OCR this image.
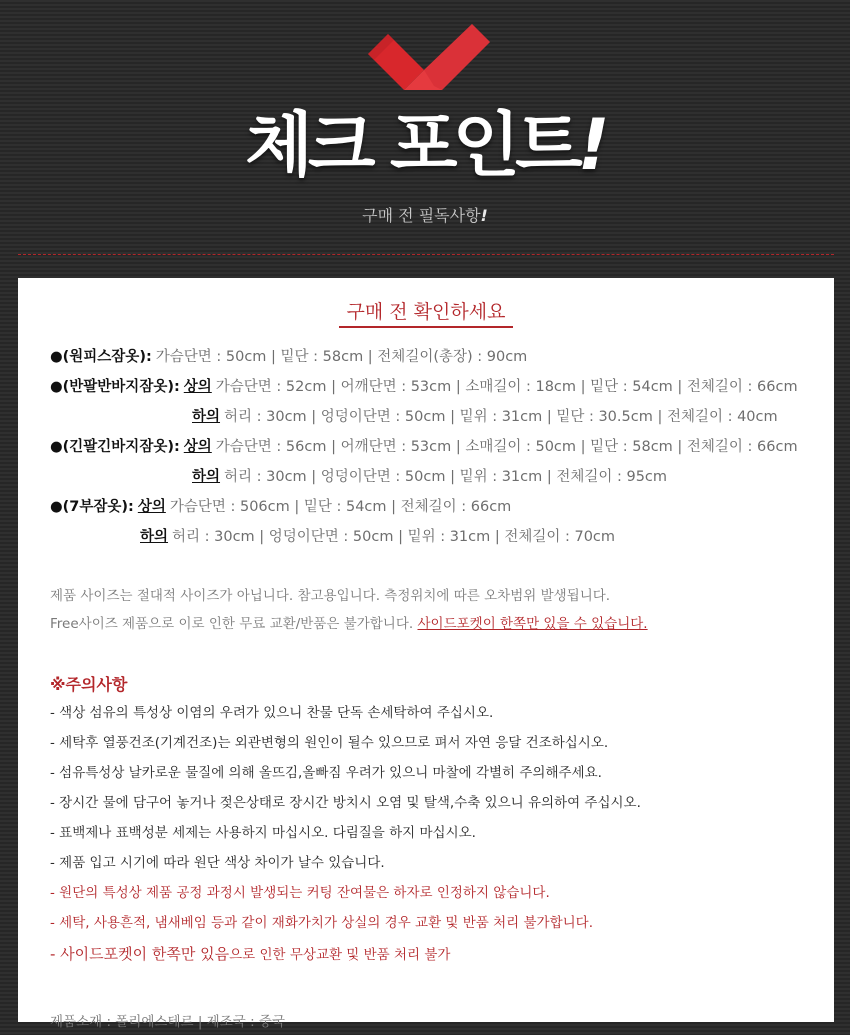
체크 포인트!
구매 전 필독사항!
구매 전 확인하세요
●(원피스잠옷): 가슴단면 : 50cm | 밑단 : 58cm | 전체길이(총장) : 90cm
●(반팔반바지잠옷): 상의 가슴단면 : 52cm | 어깨단면 : 53cm | 소매길이 : 18cm | 밑단 : 54cm | 전체길이 : 66cm
하의 허리 : 30cm | 엉덩이단면 : 50cm | 밑위 : 31cm | 밑단 : 30.5cm | 전체길이 : 40cm
●(긴팔긴바지잠옷): 상의 가슴단면 : 56cm | 어깨단면 : 53cm | 소매길이 : 50cm | 밑단 : 58cm | 전체길이 : 66cm
하의 허리 : 30cm | 엉덩이단면 : 50cm | 밑위 : 31cm | 전체길이 : 95cm
●(7부잠옷): 상의 가슴단면 : 506cm | 밑단 : 54cm | 전체길이 : 66cm
하의 허리 : 30cm | 엉덩이단면 : 50cm | 밑위 : 31cm | 전체길이 : 70cm
제품 사이즈는 절대적 사이즈가 아닙니다. 참고용입니다. 측정위치에 따른 오차범위 발생됩니다.
Free사이즈 제품으로 이로 인한 무료 교환/반품은 불가합니다. 사이드포켓이 한쪽만 있을 수 있습니다.
※주의사항
- 색상 섬유의 특성상 이염의 우려가 있으니 찬물 단독 손세탁하여 주십시오.
- 세탁후 열풍건조(기계건조)는 외관변형의 원인이 될수 있으므로 펴서 자연 응달 건조하십시오.
- 섬유특성상 날카로운 물질에 의해 올뜨김,올빠짐 우려가 있으니 마찰에 각별히 주의해주세요.
- 장시간 물에 담구어 놓거나 젖은상태로 장시간 방치시 오염 및 탈색,수축 있으니 유의하여 주십시오.
- 표백제나 표백성분 세제는 사용하지 마십시오. 다림질을 하지 마십시오.
- 제품 입고 시기에 따라 원단 색상 차이가 날수 있습니다.
- 원단의 특성상 제품 공정 과정시 발생되는 커팅 잔여물은 하자로 인정하지 않습니다.
- 세탁, 사용흔적, 냄새베임 등과 같이 재화가치가 상실의 경우 교환 및 반품 처리 불가합니다.
- 사이드포켓이 한쪽만 있음으로 인한 무상교환 및 반품 처리 불가
제품소재 : 폴리에스테르 | 제조국 : 중국
